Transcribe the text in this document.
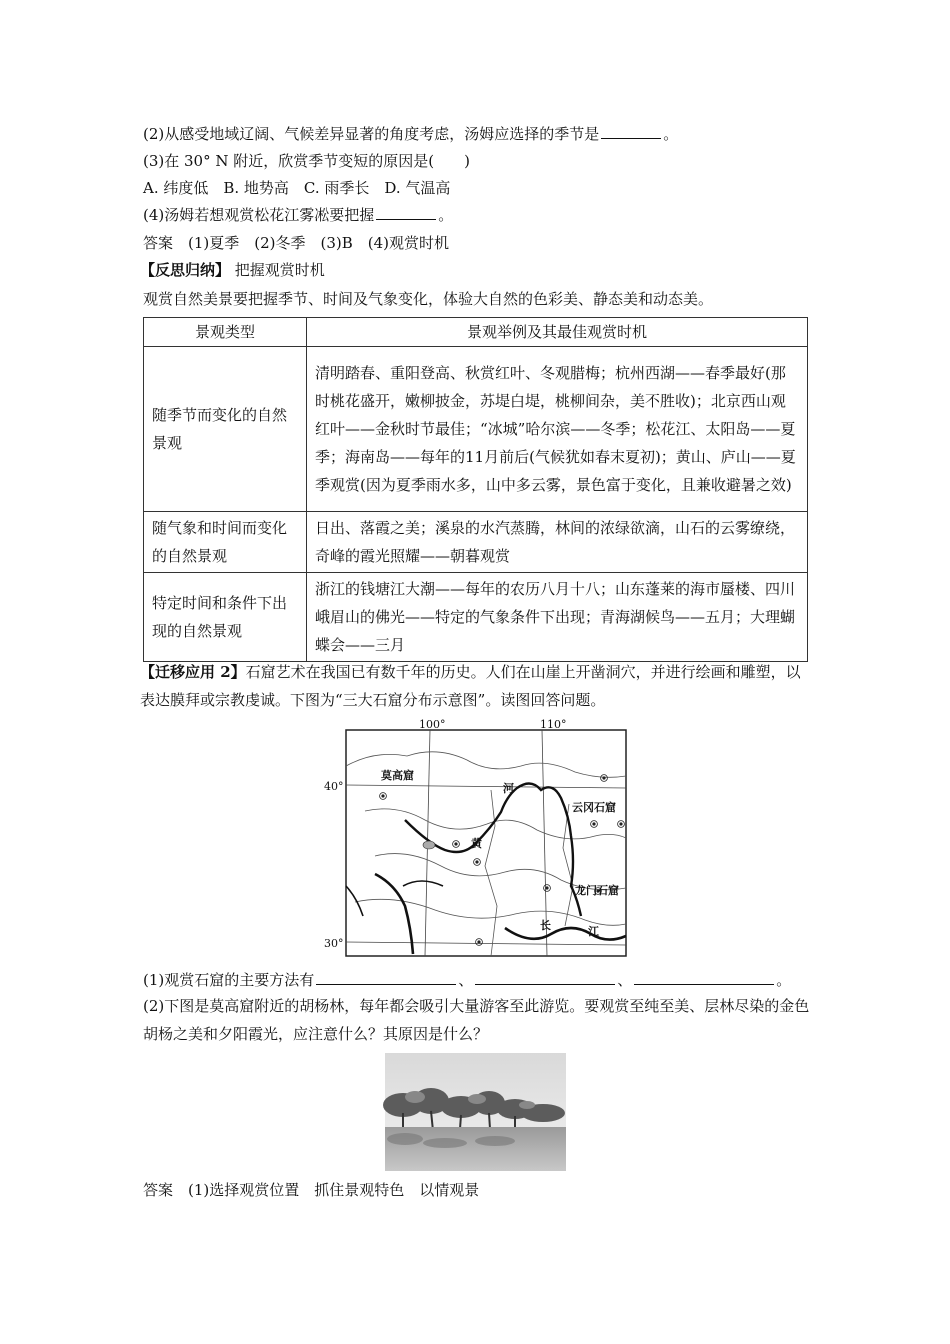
(2)从感受地域辽阔、气候差异显著的角度考虑，汤姆应选择的季节是	。
(3)在 30° N 附近，欣赏季节变短的原因是(　　)
A. 纬度低　B. 地势高　C. 雨季长　D. 气温高
(4)汤姆若想观赏松花江雾凇要把握	。
答案　(1)夏季　(2)冬季　(3)B　(4)观赏时机
【反思归纳】 把握观赏时机
观赏自然美景要把握季节、时间及气象变化，体验大自然的色彩美、静态美和动态美。
景观类型	景观举例及其最佳观赏时机
随季节而变化的自然景观	清明踏春、重阳登高、秋赏红叶、冬观腊梅；杭州西湖——春季最好(那时桃花盛开，嫩柳披金，苏堤白堤，桃柳间杂，美不胜收)；北京西山观红叶——金秋时节最佳；“冰城”哈尔滨——冬季；松花江、太阳岛——夏季；海南岛——每年的11月前后(气候犹如春末夏初)；黄山、庐山——夏季观赏(因为夏季雨水多，山中多云雾，景色富于变化，且兼收避暑之效)
随气象和时间而变化的自然景观	日出、落霞之美；溪泉的水汽蒸腾，林间的浓绿欲滴，山石的云雾缭绕，奇峰的霞光照耀——朝暮观赏
特定时间和条件下出现的自然景观	浙江的钱塘江大潮——每年的农历八月十八；山东蓬莱的海市蜃楼、四川峨眉山的佛光——特定的气象条件下出现；青海湖候鸟——五月；大理蝴蝶会——三月
【迁移应用 2】石窟艺术在我国已有数千年的历史。人们在山崖上开凿洞穴，并进行绘画和雕塑，以表达膜拜或宗教虔诚。下图为“三大石窟分布示意图”。读图回答问题。
100°	110°
40°
30°
莫高窟
云冈石窟
龙门石窟
河
黄
长	江
(1)观赏石窟的主要方法有	、	、	。
(2)下图是莫高窟附近的胡杨林，每年都会吸引大量游客至此游览。要观赏至纯至美、层林尽染的金色胡杨之美和夕阳霞光，应注意什么？其原因是什么？
答案　(1)选择观赏位置　抓住景观特色　以情观景
